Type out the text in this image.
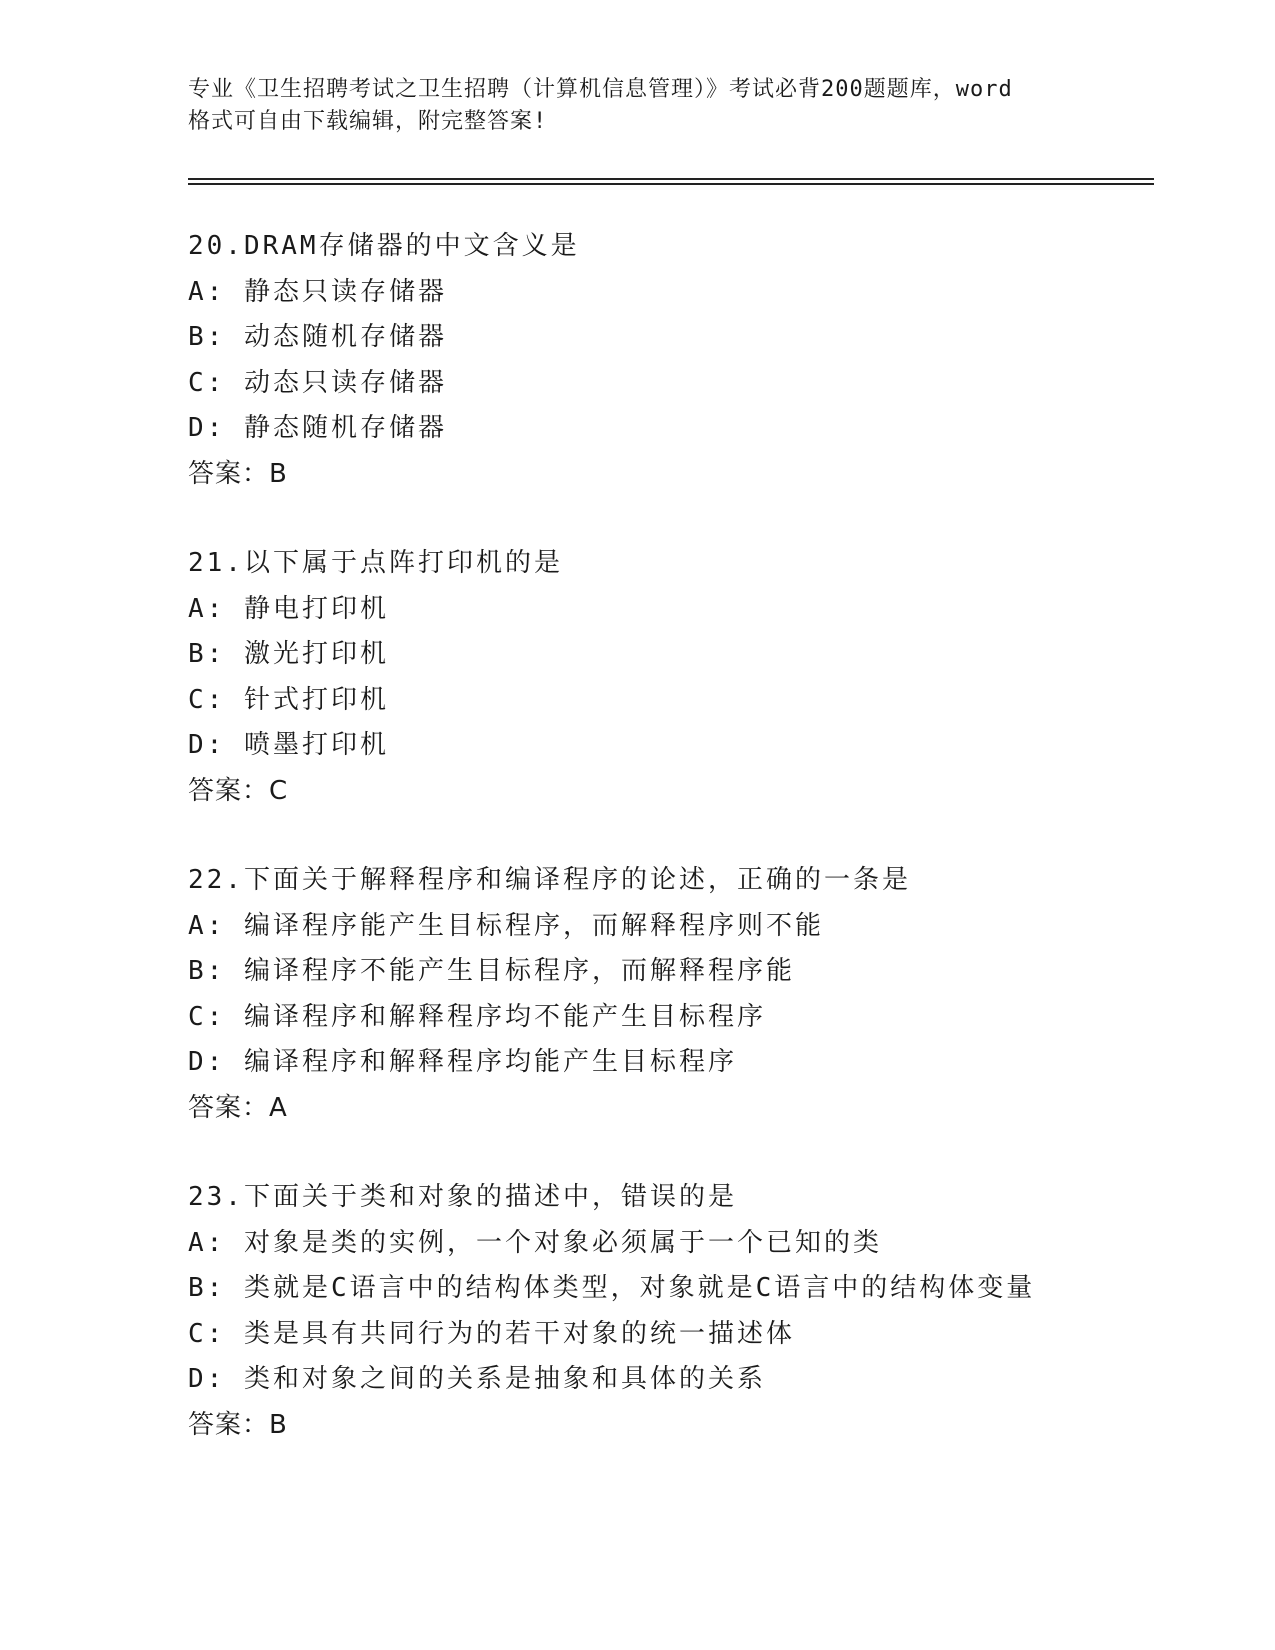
专业《卫生招聘考试之卫生招聘（计算机信息管理）》考试必背200题题库，word
格式可自由下载编辑，附完整答案!
20.DRAM存储器的中文含义是
A: 静态只读存储器
B: 动态随机存储器
C: 动态只读存储器
D: 静态随机存储器
答案：B
21.以下属于点阵打印机的是
A: 静电打印机
B: 激光打印机
C: 针式打印机
D: 喷墨打印机
答案：C
22.下面关于解释程序和编译程序的论述，正确的一条是
A: 编译程序能产生目标程序，而解释程序则不能
B: 编译程序不能产生目标程序，而解释程序能
C: 编译程序和解释程序均不能产生目标程序
D: 编译程序和解释程序均能产生目标程序
答案：A
23.下面关于类和对象的描述中，错误的是
A: 对象是类的实例，一个对象必须属于一个已知的类
B: 类就是C语言中的结构体类型，对象就是C语言中的结构体变量
C: 类是具有共同行为的若干对象的统一描述体
D: 类和对象之间的关系是抽象和具体的关系
答案：B
